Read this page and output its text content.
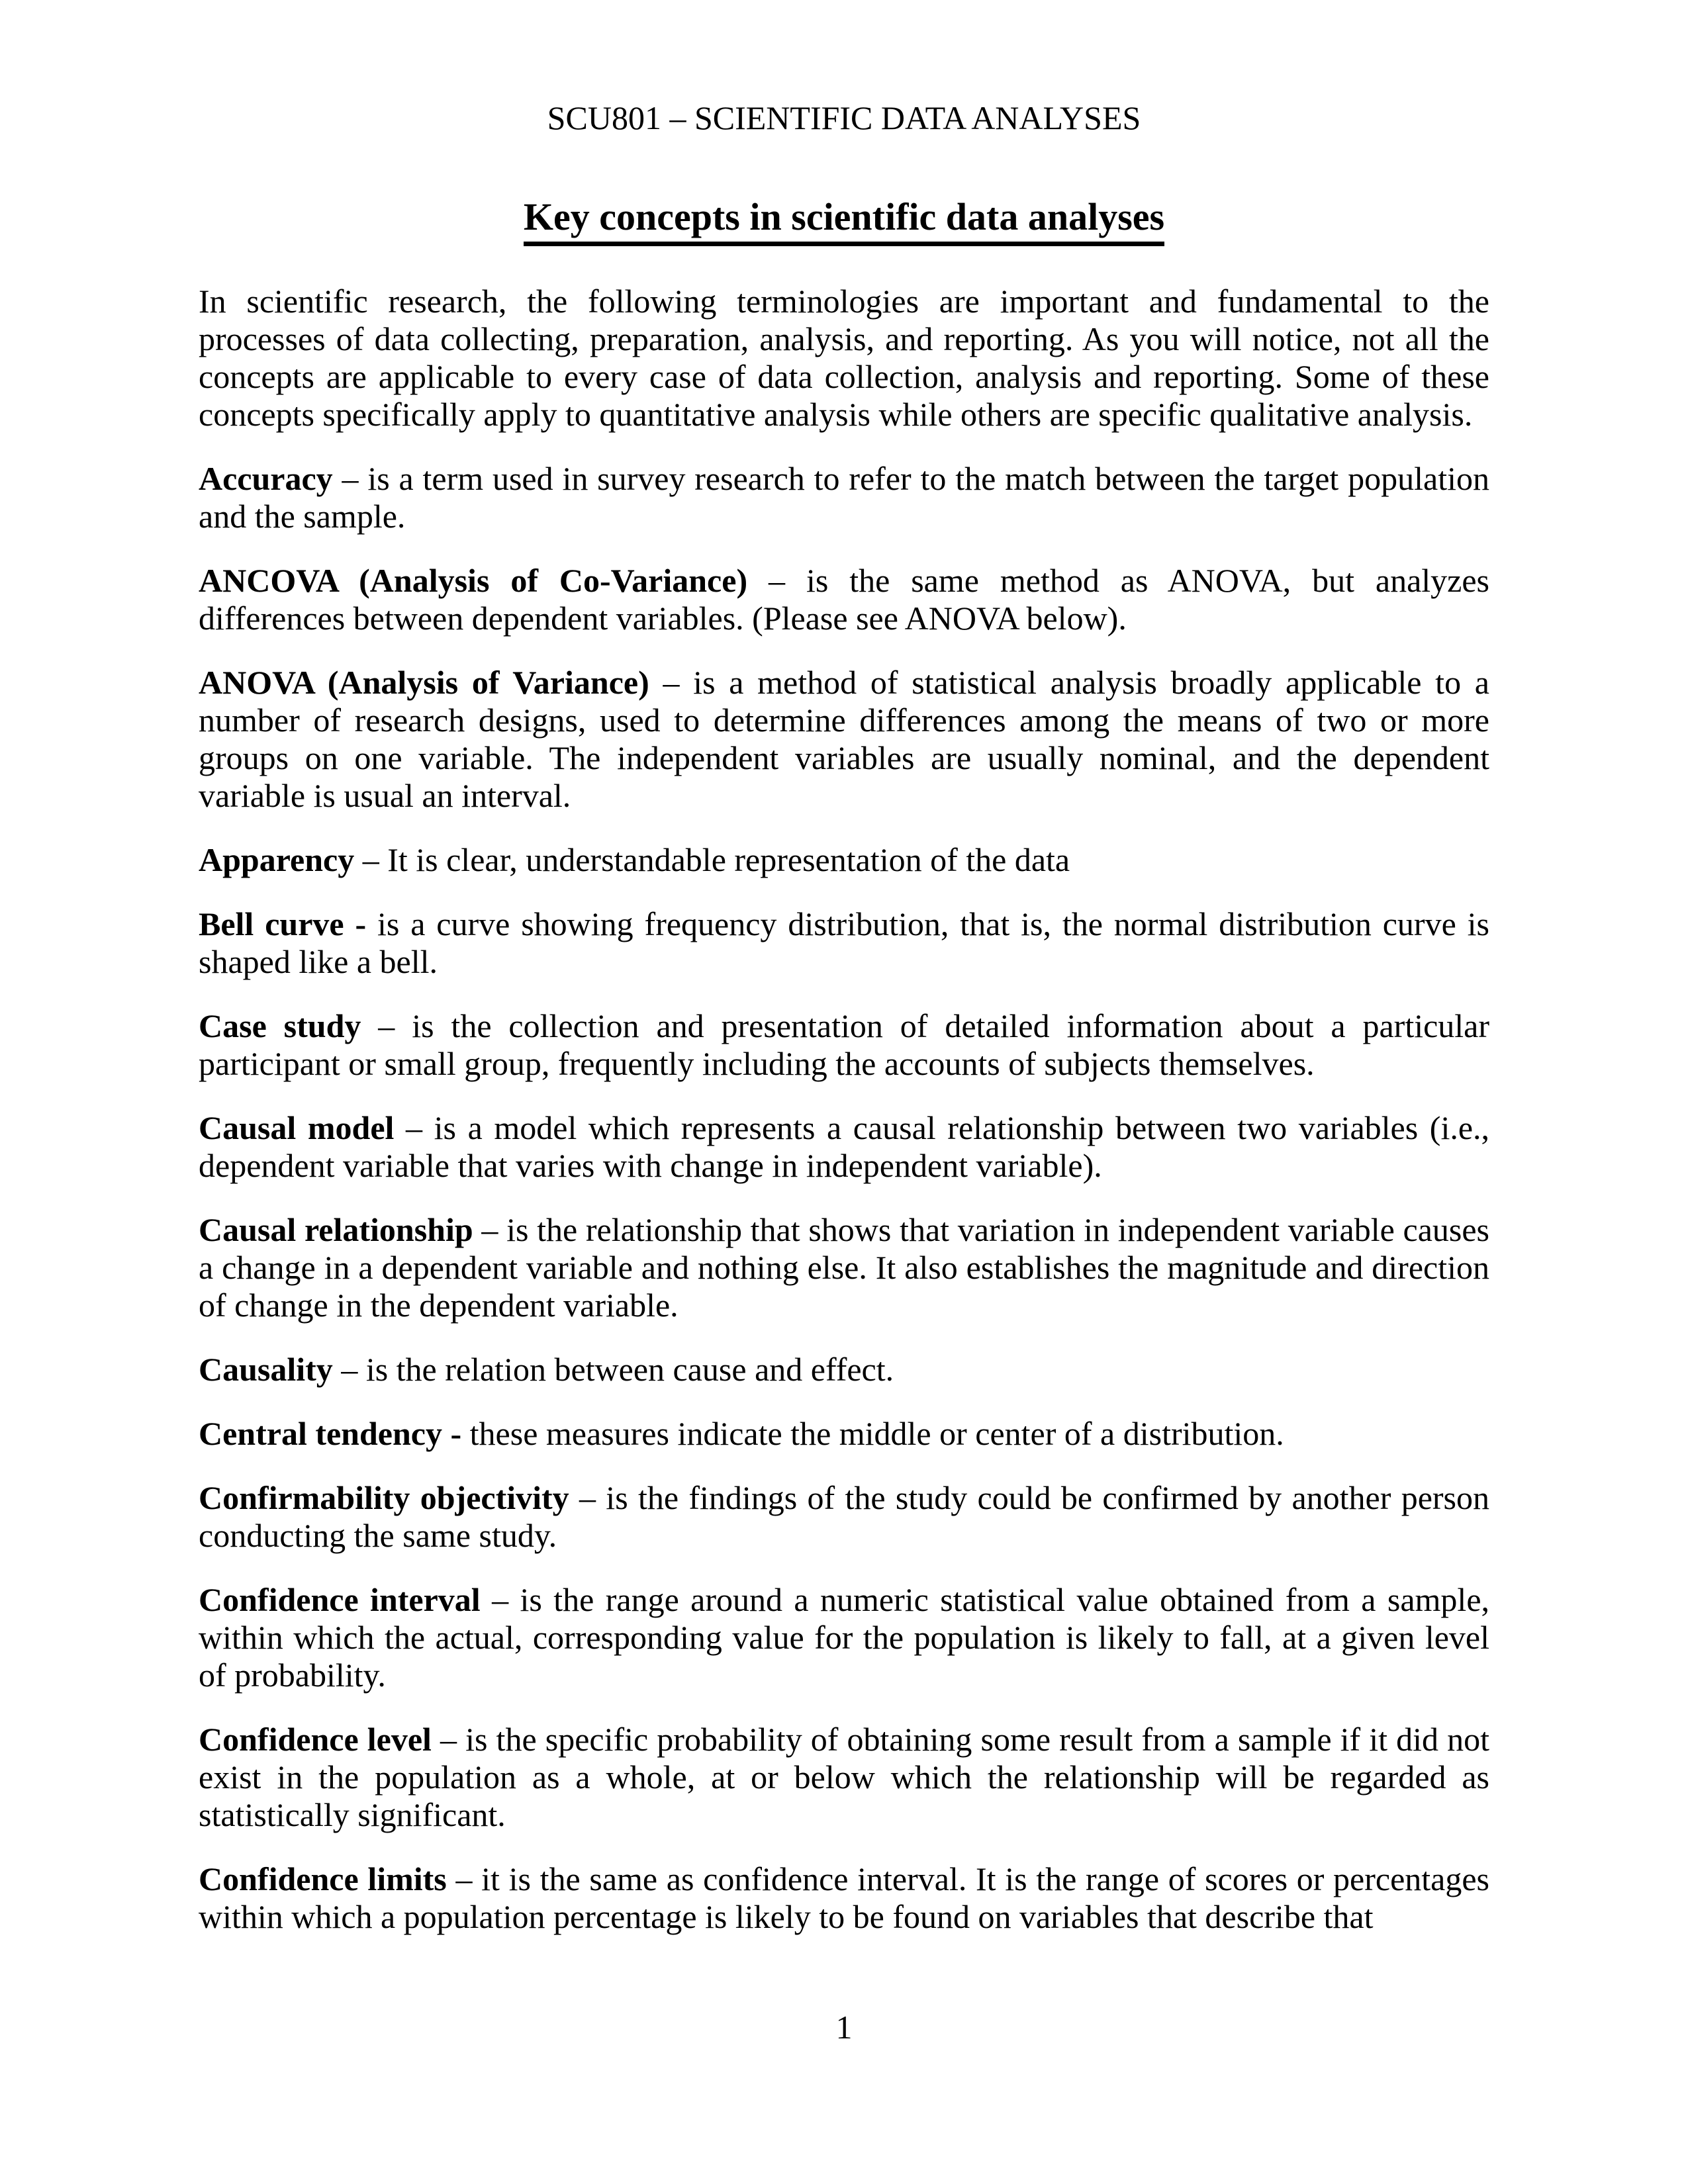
SCU801 – SCIENTIFIC DATA ANALYSES

Key concepts in scientific data analyses

In scientific research, the following terminologies are important and fundamental to the processes of data collecting, preparation, analysis, and reporting. As you will notice, not all the concepts are applicable to every case of data collection, analysis and reporting. Some of these concepts specifically apply to quantitative analysis while others are specific qualitative analysis.

Accuracy – is a term used in survey research to refer to the match between the target population and the sample.

ANCOVA (Analysis of Co-Variance) – is the same method as ANOVA, but analyzes differences between dependent variables. (Please see ANOVA below).

ANOVA (Analysis of Variance) – is a method of statistical analysis broadly applicable to a number of research designs, used to determine differences among the means of two or more groups on one variable. The independent variables are usually nominal, and the dependent variable is usual an interval.

Apparency – It is clear, understandable representation of the data

Bell curve - is a curve showing frequency distribution, that is, the normal distribution curve is shaped like a bell.

Case study – is the collection and presentation of detailed information about a particular participant or small group, frequently including the accounts of subjects themselves.

Causal model – is a model which represents a causal relationship between two variables (i.e., dependent variable that varies with change in independent variable).

Causal relationship – is the relationship that shows that variation in independent variable causes a change in a dependent variable and nothing else. It also establishes the magnitude and direction of change in the dependent variable.

Causality – is the relation between cause and effect.

Central tendency - these measures indicate the middle or center of a distribution.

Confirmability objectivity – is the findings of the study could be confirmed by another person conducting the same study.

Confidence interval – is the range around a numeric statistical value obtained from a sample, within which the actual, corresponding value for the population is likely to fall, at a given level of probability.

Confidence level – is the specific probability of obtaining some result from a sample if it did not exist in the population as a whole, at or below which the relationship will be regarded as statistically significant.

Confidence limits – it is the same as confidence interval. It is the range of scores or percentages within which a population percentage is likely to be found on variables that describe that

1
